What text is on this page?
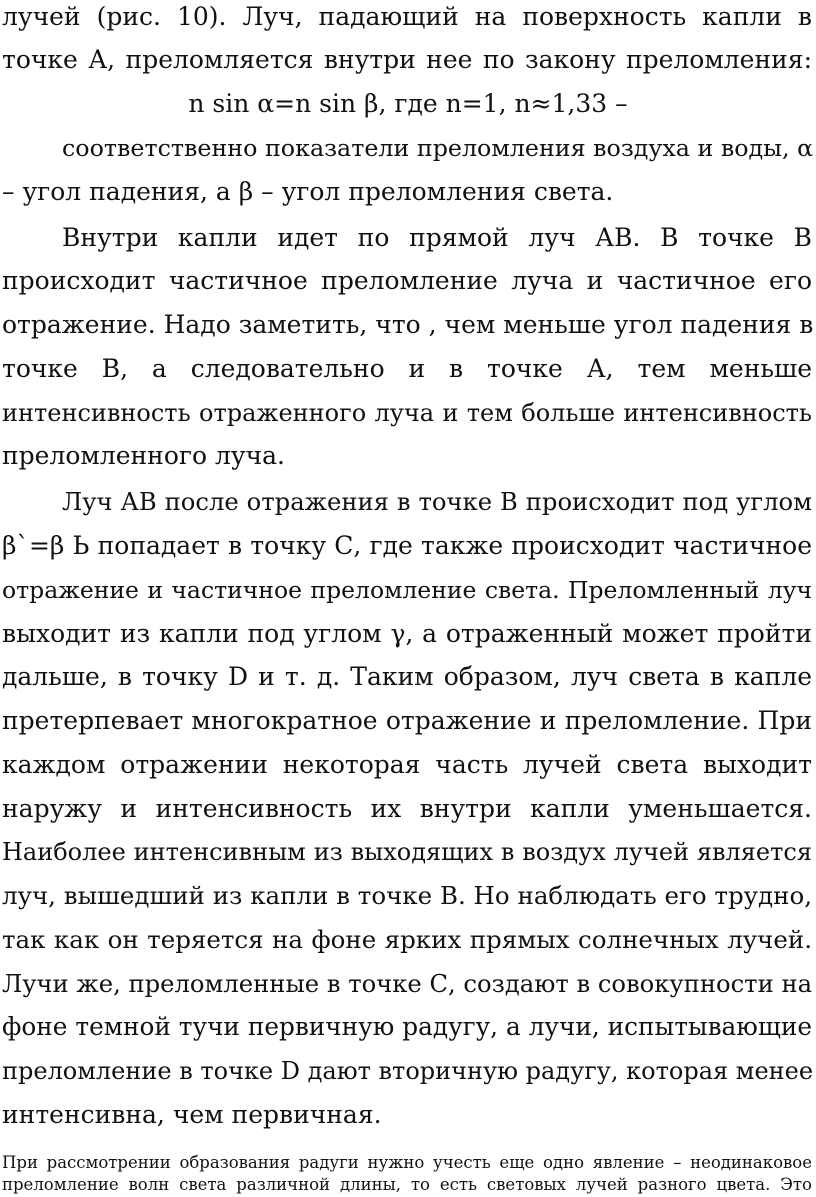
лучей (рис. 10). Луч, падающий на поверхность капли в
точке А, преломляется внутри нее по закону преломления:
n sin α=n sin β, где n=1, n≈1,33 –
соответственно показатели преломления воздуха и воды, α
– угол падения, а β – угол преломления света.
Внутри капли идет по прямой луч АВ. В точке В
происходит частичное преломление луча и частичное его
отражение. Надо заметить, что , чем меньше угол падения в
точке В, а следовательно и в точке А, тем меньше
интенсивность отраженного луча и тем больше интенсивность
преломленного луча.
Луч АВ после отражения в точке В происходит под углом
β`=β Ь попадает в точку С, где также происходит частичное
отражение и частичное преломление света. Преломленный луч
выходит из капли под углом γ, а отраженный может пройти
дальше, в точку D и т. д. Таким образом, луч света в капле
претерпевает многократное отражение и преломление. При
каждом отражении некоторая часть лучей света выходит
наружу и интенсивность их внутри капли уменьшается.
Наиболее интенсивным из выходящих в воздух лучей является
луч, вышедший из капли в точке В. Но наблюдать его трудно,
так как он теряется на фоне ярких прямых солнечных лучей.
Лучи же, преломленные в точке С, создают в совокупности на
фоне темной тучи первичную радугу, а лучи, испытывающие
преломление в точке D дают вторичную радугу, которая менее
интенсивна, чем первичная.
При рассмотрении образования радуги нужно учесть еще одно явление – неодинаковое
преломление волн света различной длины, то есть световых лучей разного цвета. Это
